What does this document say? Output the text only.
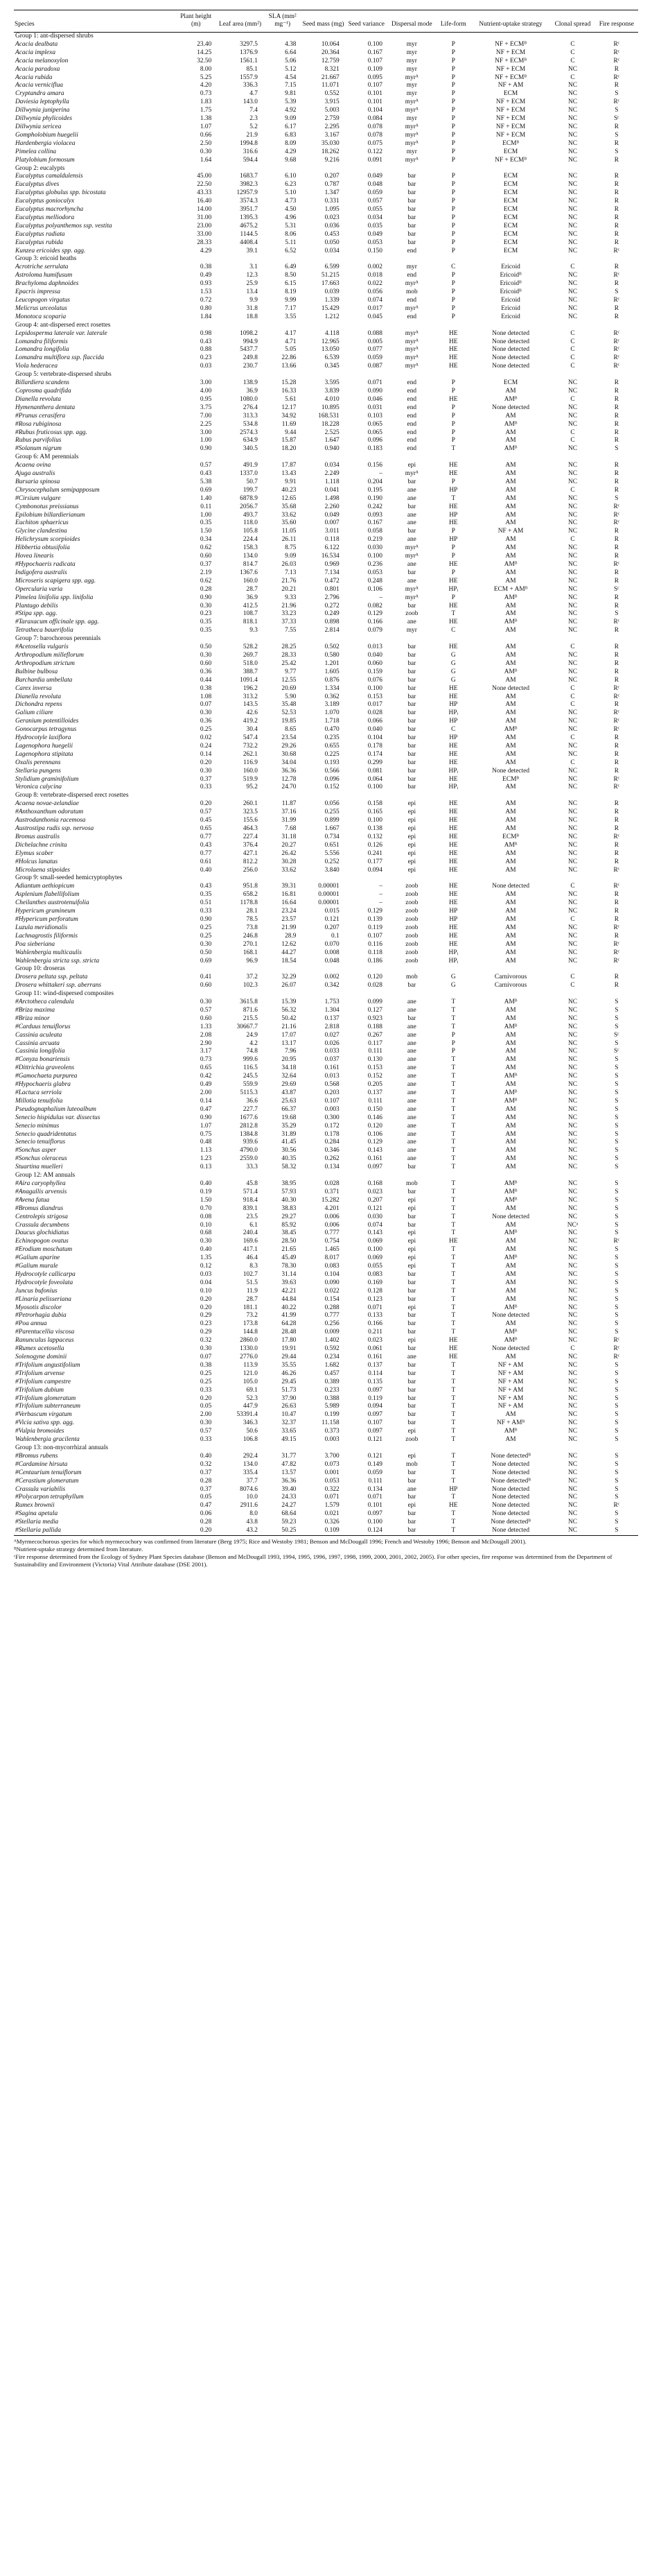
Species	Plant height (m)	Leaf area (mm²)	SLA (mm² mg⁻¹)	Seed mass (mg)	Seed variance	Dispersal mode	Life-form	Nutrient-uptake strategy	Clonal spread	Fire response
Group 1: ant-dispersed shrubs										
Acacia dealbata	23.40	3297.5	4.38	10.064	0.100	myr	P	NF + ECMᴮ	C	Rᶜ
Acacia implexa	14.25	1376.9	6.64	20.364	0.167	myr	P	NF + ECM	C	Rᶜ
Acacia melanoxylon	32.50	1561.1	5.06	12.759	0.107	myr	P	NF + ECMᴮ	C	Rᶜ
Acacia paradoxa	8.00	85.1	5.12	8.321	0.109	myr	P	NF + ECM	NC	R
Acacia rubida	5.25	1557.9	4.54	21.667	0.095	myrᴬ	P	NF + ECMᴮ	C	Rᶜ
Acacia verniciflua	4.20	336.3	7.15	11.071	0.107	myr	P	NF + AM	NC	R
Cryptandra amara	0.73	4.7	9.81	0.552	0.101	myr	P	ECM	NC	S
Daviesia leptophylla	1.83	143.0	5.39	3.915	0.101	myrᴬ	P	NF + ECM	NC	Rᶜ
Dillwynia juniperina	1.75	7.4	4.92	5.003	0.104	myrᴬ	P	NF + ECM	NC	S
Dillwynia phylicoides	1.38	2.3	9.09	2.759	0.084	myr	P	NF + ECM	NC	Sᶜ
Dillwynia sericea	1.07	5.2	6.17	2.295	0.078	myrᴬ	P	NF + ECM	NC	R
Gompholobium huegelii	0.66	21.9	6.83	3.167	0.078	myrᴬ	P	NF + ECM	NC	S
Hardenbergia violacea	2.50	1994.8	8.09	35.030	0.075	myrᴬ	P	ECMᴮ	NC	R
Pimelea collina	0.30	316.6	4.29	18.262	0.122	myr	P	ECM	NC	S
Platylobium formosum	1.64	594.4	9.68	9.216	0.091	myrᴬ	P	NF + ECMᴮ	NC	R
Group 2: eucalypts										
Eucalyptus camaldulensis	45.00	1683.7	6.10	0.207	0.049	bar	P	ECM	NC	R
Eucalyptus dives	22.50	3982.3	6.23	0.787	0.048	bar	P	ECM	NC	R
Eucalyptus globulus spp. bicostata	43.33	12957.9	5.10	1.347	0.059	bar	P	ECM	NC	R
Eucalyptus goniocalyx	16.40	3574.3	4.73	0.331	0.057	bar	P	ECM	NC	R
Eucalyptus macrorhyncha	14.00	3951.7	4.50	1.095	0.055	bar	P	ECM	NC	R
Eucalyptus melliodora	31.00	1395.3	4.96	0.023	0.034	bar	P	ECM	NC	R
Eucalyptus polyanthemos ssp. vestita	23.00	4675.2	5.31	0.036	0.035	bar	P	ECM	NC	R
Eucalyptus radiata	33.00	1144.5	8.06	0.453	0.049	bar	P	ECM	NC	R
Eucalyptus rubida	28.33	4408.4	5.11	0.050	0.053	bar	P	ECM	NC	R
Kunzea ericoides spp. agg.	4.29	39.1	6.52	0.034	0.150	end	P	ECM	NC	Rᶜ
Group 3: ericoid heaths										
Acrotriche serrulata	0.38	3.1	6.49	6.599	0.002	myr	C	Ericoid	C	R
Astroloma humifusum	0.49	12.3	8.50	51.215	0.018	end	P	Ericoidᴮ	NC	Rᶜ
Brachyloma daphnoides	0.93	25.9	6.15	17.663	0.022	myrᴬ	P	Ericoidᴮ	NC	R
Epacris impressa	1.53	13.4	8.19	0.039	0.056	mob	P	Ericoidᴮ	NC	S
Leucopogon virgatus	0.72	9.9	9.99	1.339	0.074	end	P	Ericoid	NC	Rᶜ
Melicrus urceolatus	0.80	31.8	7.17	15.429	0.017	myrᴬ	P	Ericoid	NC	R
Monotoca scoparia	1.84	18.8	3.55	1.212	0.045	end	P	Ericoid	NC	R
Group 4: ant-dispersed erect rosettes										
Lepidosperma laterale var. laterale	0.98	1098.2	4.17	4.118	0.088	myrᴬ	HE	None detected	C	Rᶜ
Lomandra filiformis	0.43	994.9	4.71	12.965	0.005	myrᴬ	HE	None detected	C	Rᶜ
Lomandra longifolia	0.88	5437.7	5.05	13.050	0.077	myrᴬ	HE	None detected	C	Rᶜ
Lomandra multiflora ssp. flaccida	0.23	249.8	22.86	6.539	0.059	myrᴬ	HE	None detected	C	Rᶜ
Viola hederacea	0.03	230.7	13.66	0.345	0.087	myrᴬ	HE	None detected	C	Rᶜ
Group 5: vertebrate-dispersed shrubs										
Billardiera scandens	3.00	138.9	15.28	3.595	0.071	end	P	ECM	NC	R
Coprosma quadrifida	4.00	36.9	16.33	3.839	0.090	end	P	AM	NC	R
Dianella revoluta	0.95	1080.0	5.61	4.010	0.046	end	HE	AMᴮ	C	R
Hymenanthera dentata	3.75	276.4	12.17	10.895	0.031	end	P	None detected	NC	R
#Prunus cerasifera	7.00	313.3	34.92	168.531	0.103	end	P	AM	NC	R
#Rosa rubiginosa	2.25	534.8	11.69	18.228	0.065	end	P	AMᴮ	NC	R
#Rubus fruticosus spp. agg.	3.00	2574.3	9.44	2.525	0.065	end	P	AM	C	R
Rubus parvifolius	1.00	634.9	15.87	1.647	0.096	end	P	AM	C	R
#Solanum nigrum	0.90	340.5	18.20	0.940	0.183	end	T	AMᴮ	NC	S
Group 6: AM perennials										
Acaena ovina	0.57	491.9	17.87	0.034	0.156	epi	HE	AM	NC	R
Ajuga australis	0.43	1337.0	13.43	2.249	–	myrᴬ	HE	AM	NC	R
Bursaria spinosa	5.38	50.7	9.91	1.118	0.204	bar	P	AM	NC	R
Chrysocephalum semipapposum	0.69	199.7	40.23	0.041	0.195	ane	HP	AM	C	R
#Cirsium vulgare	1.40	6878.9	12.65	1.498	0.190	ane	T	AM	NC	S
Cymbonotus preissianus	0.11	2056.7	35.68	2.260	0.242	bar	HE	AM	NC	Rᶜ
Epilobium billardierianum	1.00	493.7	33.62	0.049	0.093	ane	HP	AM	NC	Rᶜ
Euchiton sphaericus	0.35	118.0	35.60	0.007	0.167	ane	HE	AM	NC	Rᶜ
Glycine clandestina	1.50	105.8	11.05	3.011	0.058	bar	P	NF + AM	NC	R
Helichrysum scorpioides	0.34	224.4	26.11	0.118	0.219	ane	HP	AM	C	R
Hibbertia obtusifolia	0.62	158.3	8.75	6.122	0.030	myrᴬ	P	AM	NC	R
Hovea linearis	0.60	134.0	9.09	16.534	0.100	myrᴬ	P	AM	NC	R
#Hypochaeris radicata	0.37	814.7	26.03	0.969	0.236	ane	HE	AMᴮ	NC	Rᶜ
Indigofera australis	2.19	1367.6	7.13	7.134	0.053	bar	P	AM	NC	R
Microseris scapigera spp. agg.	0.62	160.0	21.76	0.472	0.248	ane	HE	AM	NC	R
Opercularia varia	0.28	28.7	20.21	0.801	0.106	myrᴬ	HPᵢ	ECM + AMᴮ	NC	Sᶜ
Pimelea linifolia spp. linifolia	0.90	36.9	9.33	2.796	–	myrᴬ	P	AMᴮ	NC	R
Plantago debilis	0.30	412.5	21.96	0.272	0.082	bar	HE	AM	NC	R
#Stipa spp. agg.	0.23	108.7	33.23	0.249	0.129	zoob	T	AM	NC	S
#Taraxacum officinale spp. agg.	0.35	818.1	37.33	0.898	0.166	ane	HE	AMᴮ	NC	Rᶜ
Tetratheca bauerifolia	0.35	9.3	7.55	2.814	0.079	myr	C	AM	NC	R
Group 7: barochorous perennials										
#Acetosella vulgaris	0.50	528.2	28.25	0.502	0.013	bar	HE	AM	C	R
Arthropodium milleflorum	0.30	269.7	28.33	0.580	0.040	bar	G	AM	NC	R
Arthropodium strictum	0.60	518.0	25.42	1.201	0.060	bar	G	AM	NC	R
Bulbine bulbosa	0.36	388.7	9.77	1.605	0.159	bar	G	AMᴮ	NC	R
Burchardia umbellata	0.44	1091.4	12.55	0.876	0.076	bar	G	AM	NC	R
Carex inversa	0.38	196.2	20.69	1.334	0.100	bar	HE	None detected	C	Rᶜ
Dianella revoluta	1.08	313.2	5.90	0.362	0.153	bar	HE	AM	C	Rᶜ
Dichondra repens	0.07	143.5	35.48	3.189	0.017	bar	HP	AM	C	R
Galium ciliare	0.30	42.6	52.53	1.070	0.028	bar	HPᵢ	AM	NC	Rᶜ
Geranium potentilloides	0.36	419.2	19.85	1.718	0.066	bar	HP	AM	NC	Rᶜ
Gonocarpus tetragynus	0.25	30.4	8.65	0.470	0.040	bar	C	AMᴮ	NC	Rᶜ
Hydrocotyle laxiflora	0.02	547.4	23.54	0.235	0.104	bar	HP	AM	C	R
Lagenophora huegelii	0.24	732.2	29.26	0.655	0.178	bar	HE	AM	NC	R
Lagenophora stipitata	0.14	262.1	30.68	0.225	0.174	bar	HE	AM	NC	R
Oxalis perennans	0.20	116.9	34.04	0.193	0.299	bar	HE	AM	C	R
Stellaria pungens	0.30	160.0	36.36	0.566	0.081	bar	HPᵢ	None detected	NC	R
Stylidium graminifolium	0.37	519.9	12.78	0.096	0.064	bar	HE	ECMᴮ	NC	Rᶜ
Veronica calycina	0.33	95.2	24.70	0.152	0.100	bar	HPᵢ	AM	NC	Rᶜ
Group 8: vertebrate-dispersed erect rosettes										
Acaena novae-zelandiae	0.20	260.1	11.87	0.056	0.158	epi	HE	AM	NC	R
#Anthoxanthum odoratum	0.57	323.5	37.16	0.255	0.165	epi	HE	AM	NC	R
Austrodanthonia racemosa	0.45	155.6	31.99	0.899	0.100	epi	HE	AM	NC	R
Austrostipa rudis ssp. nervosa	0.65	464.3	7.68	1.667	0.138	epi	HE	AM	NC	R
Bromus australis	0.77	227.4	31.18	0.734	0.132	epi	HE	ECMᴮ	NC	Rᶜ
Dichelachne crinita	0.43	376.4	20.27	0.651	0.126	epi	HE	AMᴮ	NC	R
Elymus scaber	0.77	427.1	26.42	5.556	0.241	epi	HE	AM	NC	R
#Holcus lanatus	0.61	812.2	30.28	0.252	0.177	epi	HE	AM	NC	R
Microlaena stipoides	0.40	256.0	33.62	3.840	0.094	epi	HE	AM	NC	Rᶜ
Group 9: small-seeded hemicryptophytes										
Adiantum aethiopicum	0.43	951.8	39.31	0.00001	–	zoob	HE	None detected	C	Rᶜ
Asplenium flabellifolium	0.35	658.2	16.81	0.00001	–	zoob	HE	AM	NC	R
Cheilanthes austrotenuifolia	0.51	1178.8	16.64	0.00001	–	zoob	HE	AM	NC	R
Hypericum gramineum	0.33	28.1	23.24	0.015	0.129	zoob	HP	AM	NC	R
#Hypericum perforatum	0.90	78.5	23.57	0.121	0.139	zoob	HP	AM	C	R
Luzula meridionalis	0.25	73.8	21.99	0.207	0.119	zoob	HE	AM	NC	Rᶜ
Lachnagrostis filiformis	0.25	246.8	28.9	0.1	0.107	zoob	HE	AM	NC	R
Poa sieberiana	0.30	270.1	12.62	0.070	0.116	zoob	HE	AM	NC	Rᶜ
Wahlenbergia multicaulis	0.50	168.1	44.27	0.008	0.118	zoob	HPᵢ	AM	NC	Rᶜ
Wahlenbergia stricta ssp. stricta	0.69	96.9	18.54	0.048	0.186	zoob	HPᵢ	AM	NC	Rᶜ
Group 10: droseras										
Drosera peltata ssp. peltata	0.41	37.2	32.29	0.002	0.120	mob	G	Carnivorous	C	R
Drosera whittakeri ssp. aberrans	0.60	102.3	26.07	0.342	0.028	bar	G	Carnivorous	C	R
Group 11: wind-dispersed composites										
#Arctotheca calendula	0.30	3615.8	15.39	1.753	0.099	ane	T	AMᴮ	NC	S
#Briza maxima	0.57	871.6	56.32	1.304	0.127	ane	T	AM	NC	S
#Briza minor	0.60	215.5	50.42	0.137	0.923	bar	T	AM	NC	S
#Carduus tenuiflorus	1.33	30667.7	21.16	2.818	0.188	ane	T	AMᴮ	NC	S
Cassinia aculeata	2.08	24.9	17.07	0.027	0.267	ane	P	AM	NC	Sᶜ
Cassinia arcuata	2.90	4.2	13.17	0.026	0.117	ane	P	AM	NC	S
Cassinia longifolia	3.17	74.8	7.96	0.033	0.111	ane	P	AM	NC	Sᶜ
#Conyza bonariensis	0.73	999.6	20.95	0.037	0.130	ane	T	AM	NC	S
#Dittrichia graveolens	0.65	116.5	34.18	0.161	0.153	ane	T	AM	NC	S
#Gamochaeta purpurea	0.42	245.5	32.64	0.013	0.152	ane	T	AMᴮ	NC	S
#Hypochaeris glabra	0.49	559.9	29.69	0.568	0.205	ane	T	AM	NC	S
#Lactuca serriola	2.00	5115.3	43.87	0.203	0.137	ane	T	AMᴮ	NC	S
Millotia tenuifolia	0.14	36.6	25.63	0.107	0.111	ane	T	AMᴮ	NC	S
Pseudognaphalium luteoalbum	0.47	227.7	66.37	0.003	0.150	ane	T	AM	NC	S
Senecio hispidulus var. dissectus	0.90	1677.6	19.68	0.300	0.146	ane	T	AM	NC	S
Senecio minimus	1.07	2812.8	35.29	0.172	0.120	ane	T	AM	NC	S
Senecio quadridentatus	0.75	1384.8	31.89	0.178	0.106	ane	T	AM	NC	S
Senecio tenuiflorus	0.48	939.6	41.45	0.284	0.129	ane	T	AM	NC	S
#Sonchus asper	1.13	4790.0	30.56	0.346	0.143	ane	T	AM	NC	S
#Sonchus oleraceus	1.23	2559.0	40.35	0.262	0.161	ane	T	AM	NC	S
Stuartina muelleri	0.13	33.3	58.32	0.134	0.097	bar	T	AM	NC	S
Group 12: AM annuals										
#Aira caryophyllea	0.40	45.8	38.95	0.028	0.168	mob	T	AMᴮ	NC	S
#Anagallis arvensis	0.19	571.4	57.93	0.371	0.023	bar	T	AMᴮ	NC	S
#Avena fatua	1.50	918.4	40.30	15.282	0.207	epi	T	AMᴮ	NC	S
#Bromus diandrus	0.70	839.1	38.83	4.201	0.121	epi	T	AM	NC	S
Centrolepis strigosa	0.08	23.5	29.27	0.006	0.030	bar	T	None detected	NC	S
Crassula decumbens	0.10	6.1	85.92	0.006	0.074	bar	T	AM	NCᵃ	S
Daucus glochidiatus	0.68	240.4	38.45	0.777	0.143	epi	T	AMᴮ	NC	S
Echinopogon ovatus	0.30	169.6	28.50	0.754	0.069	epi	HE	AM	NC	Rᶜ
#Erodium moschatum	0.40	417.1	21.65	1.465	0.100	epi	T	AM	NC	S
#Galium aparine	1.35	46.4	45.49	8.017	0.069	epi	T	AMᴮ	NC	S
#Galium murale	0.12	8.3	78.30	0.083	0.055	epi	T	AM	NC	S
Hydrocotyle callicarpa	0.03	102.7	31.14	0.104	0.083	bar	T	AM	NC	S
Hydrocotyle foveolata	0.04	51.5	39.63	0.090	0.169	bar	T	AM	NC	S
Juncus bufonius	0.10	11.9	42.21	0.022	0.128	bar	T	AM	NC	S
#Linaria pelisseriana	0.20	28.7	44.84	0.154	0.123	bar	T	AM	NC	S
Myosotis discolor	0.20	181.1	40.22	0.288	0.071	epi	T	AMᴮ	NC	S
#Petrorhagia dubia	0.29	73.2	41.99	0.777	0.133	bar	T	None detected	NC	S
#Poa annua	0.23	173.8	64.28	0.256	0.166	bar	T	AM	NC	S
#Parentucellia viscosa	0.29	144.8	28.48	0.009	0.211	bar	T	AMᴮ	NC	S
Ranunculus lappaceus	0.32	2860.0	17.80	1.402	0.023	epi	HE	AMᴮ	NC	Rᶜ
#Rumex acetosella	0.30	1330.0	19.91	0.592	0.061	bar	HE	None detected	C	Rᶜ
Solenogyne dominii	0.07	2776.0	29.44	0.234	0.161	ane	HE	AM	NC	Rᶜ
#Trifolium angustifolium	0.38	113.9	35.55	1.682	0.137	bar	T	NF + AM	NC	S
#Trifolium arvense	0.25	121.0	46.26	0.457	0.114	bar	T	NF + AM	NC	S
#Trifolium campestre	0.25	105.0	29.45	0.389	0.135	bar	T	NF + AM	NC	S
#Trifolium dubium	0.33	69.1	51.73	0.233	0.097	bar	T	NF + AM	NC	S
#Trifolium glomeratum	0.20	52.3	37.90	0.388	0.119	bar	T	NF + AM	NC	S
#Trifolium subterraneum	0.05	447.9	26.63	5.989	0.094	bar	T	NF + AM	NC	S
#Verbascum virgatum	2.00	53391.4	10.47	0.199	0.097	bar	T	AM	NC	S
#Vicia sativa spp. agg.	0.30	346.3	32.37	11.158	0.107	bar	T	NF + AMᴮ	NC	S
#Vulpia bromoides	0.57	50.6	33.65	0.373	0.097	epi	T	AMᴮ	NC	S
Wahlenbergia gracilenta	0.33	106.8	49.15	0.003	0.121	zoob	T	AM	NC	S
Group 13: non-mycorrhizal annuals										
#Bromus rubens	0.40	292.4	31.77	3.700	0.121	epi	T	None detectedᴮ	NC	S
#Cardamine hirsuta	0.32	134.0	47.82	0.073	0.149	mob	T	None detected	NC	S
#Centaurium tenuiflorum	0.37	335.4	13.57	0.001	0.059	bar	T	None detected	NC	S
#Cerastium glomeratum	0.28	37.7	36.36	0.053	0.111	bar	T	None detectedᴮ	NC	S
Crassula variabilis	0.37	8074.6	39.40	0.322	0.134	ane	HP	None detected	NC	S
#Polycarpon tetraphyllum	0.05	10.0	24.33	0.071	0.071	bar	T	None detected	NC	S
Rumex brownii	0.47	2911.6	24.27	1.579	0.101	epi	HE	None detected	NC	Rᶜ
#Sagina apetala	0.06	8.0	68.64	0.021	0.097	bar	T	None detected	NC	S
#Stellaria media	0.28	43.8	59.23	0.326	0.100	bar	T	None detectedᴮ	NC	S
#Stellaria pallida	0.20	43.2	50.25	0.109	0.124	bar	T	None detected	NC	S
ᴬMyrmecochorous species for which myrmecochory was confirmed from literature (Berg 1975; Rice and Westoby 1981; Benson and McDougall 1996; French and Westoby 1996; Benson and McDougall 2001).
ᴮNutrient-uptake strategy determined from literature.
ᶜFire response determined from the Ecology of Sydney Plant Species database (Benson and McDougall 1993, 1994, 1995, 1996, 1997, 1998, 1999, 2000, 2001, 2002, 2005). For other species, fire response was determined from the Department of Sustainability and Environment (Victoria) Vital Attribute database (DSE 2001).
